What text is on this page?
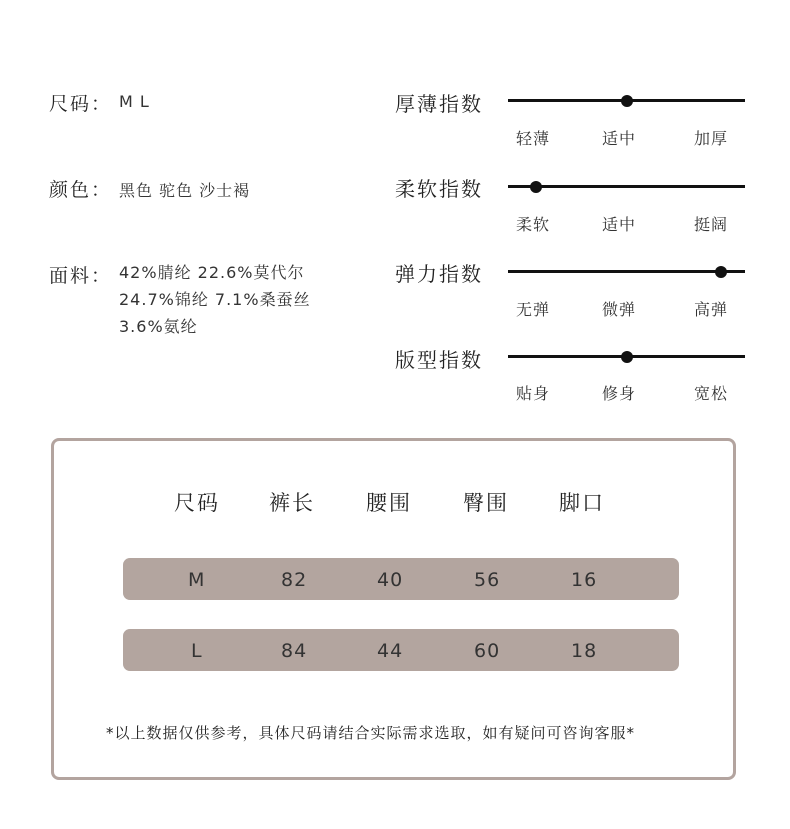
尺码： M L
颜色： 黑色 驼色 沙士褐
面料： 42%腈纶 22.6%莫代尔
24.7%锦纶 7.1%桑蚕丝
3.6%氨纶
厚薄指数
轻薄	适中	加厚
柔软指数
柔软	适中	挺阔
弹力指数
无弹	微弹	高弹
版型指数
贴身	修身	宽松
尺码 裤长 腰围 臀围 脚口
M	82	40	56	16
L	84	44	60	18
*以上数据仅供参考，具体尺码请结合实际需求选取，如有疑问可咨询客服*
